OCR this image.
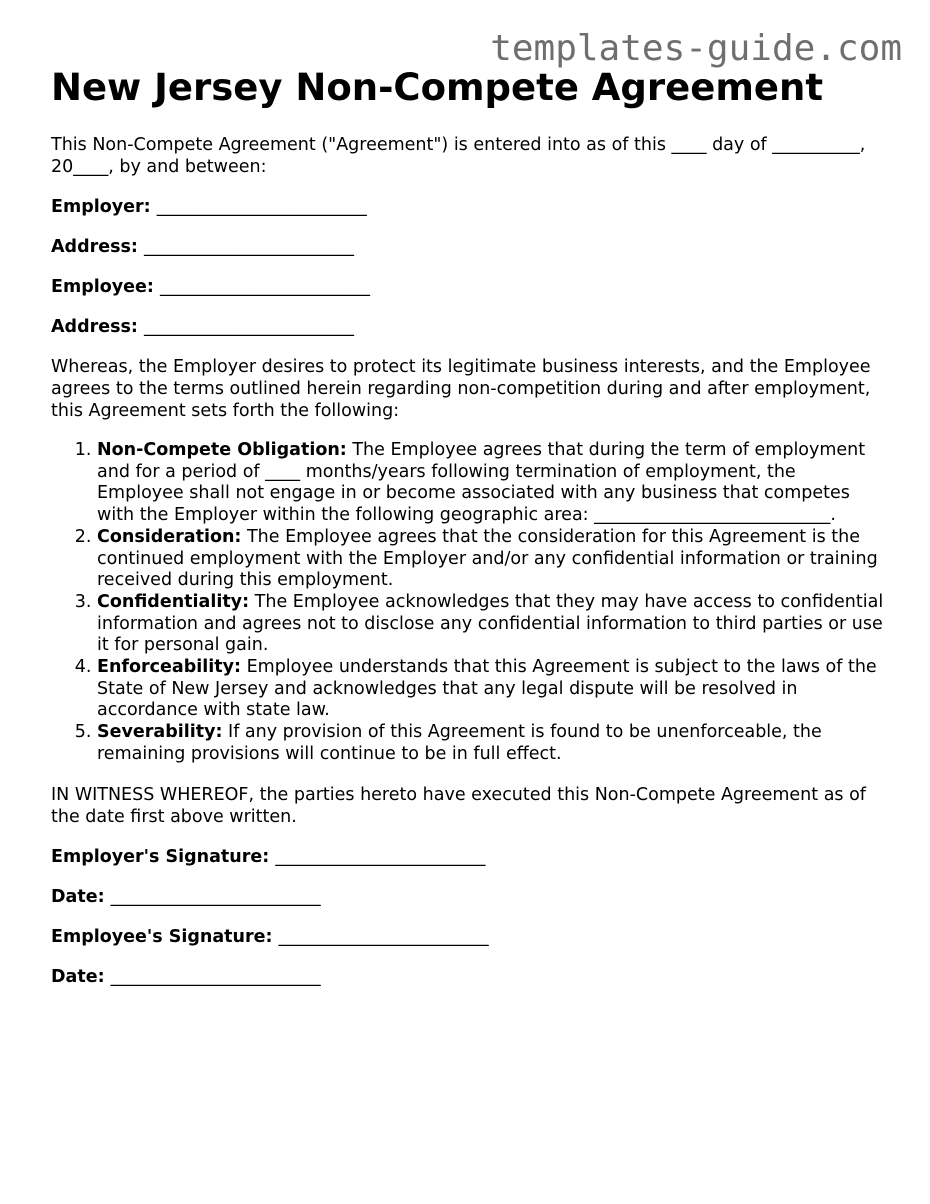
templates-guide.com
New Jersey Non-Compete Agreement

This Non-Compete Agreement ("Agreement") is entered into as of this ____ day of __________, 20____, by and between:

Employer: ________________________
Address: ________________________
Employee: ________________________
Address: ________________________

Whereas, the Employer desires to protect its legitimate business interests, and the Employee agrees to the terms outlined herein regarding non-competition during and after employment, this Agreement sets forth the following:

1. Non-Compete Obligation: The Employee agrees that during the term of employment and for a period of ____ months/years following termination of employment, the Employee shall not engage in or become associated with any business that competes with the Employer within the following geographic area: ___________________________.
2. Consideration: The Employee agrees that the consideration for this Agreement is the continued employment with the Employer and/or any confidential information or training received during this employment.
3. Confidentiality: The Employee acknowledges that they may have access to confidential information and agrees not to disclose any confidential information to third parties or use it for personal gain.
4. Enforceability: Employee understands that this Agreement is subject to the laws of the State of New Jersey and acknowledges that any legal dispute will be resolved in accordance with state law.
5. Severability: If any provision of this Agreement is found to be unenforceable, the remaining provisions will continue to be in full effect.

IN WITNESS WHEREOF, the parties hereto have executed this Non-Compete Agreement as of the date first above written.

Employer's Signature: ________________________
Date: ________________________
Employee's Signature: ________________________
Date: ________________________
